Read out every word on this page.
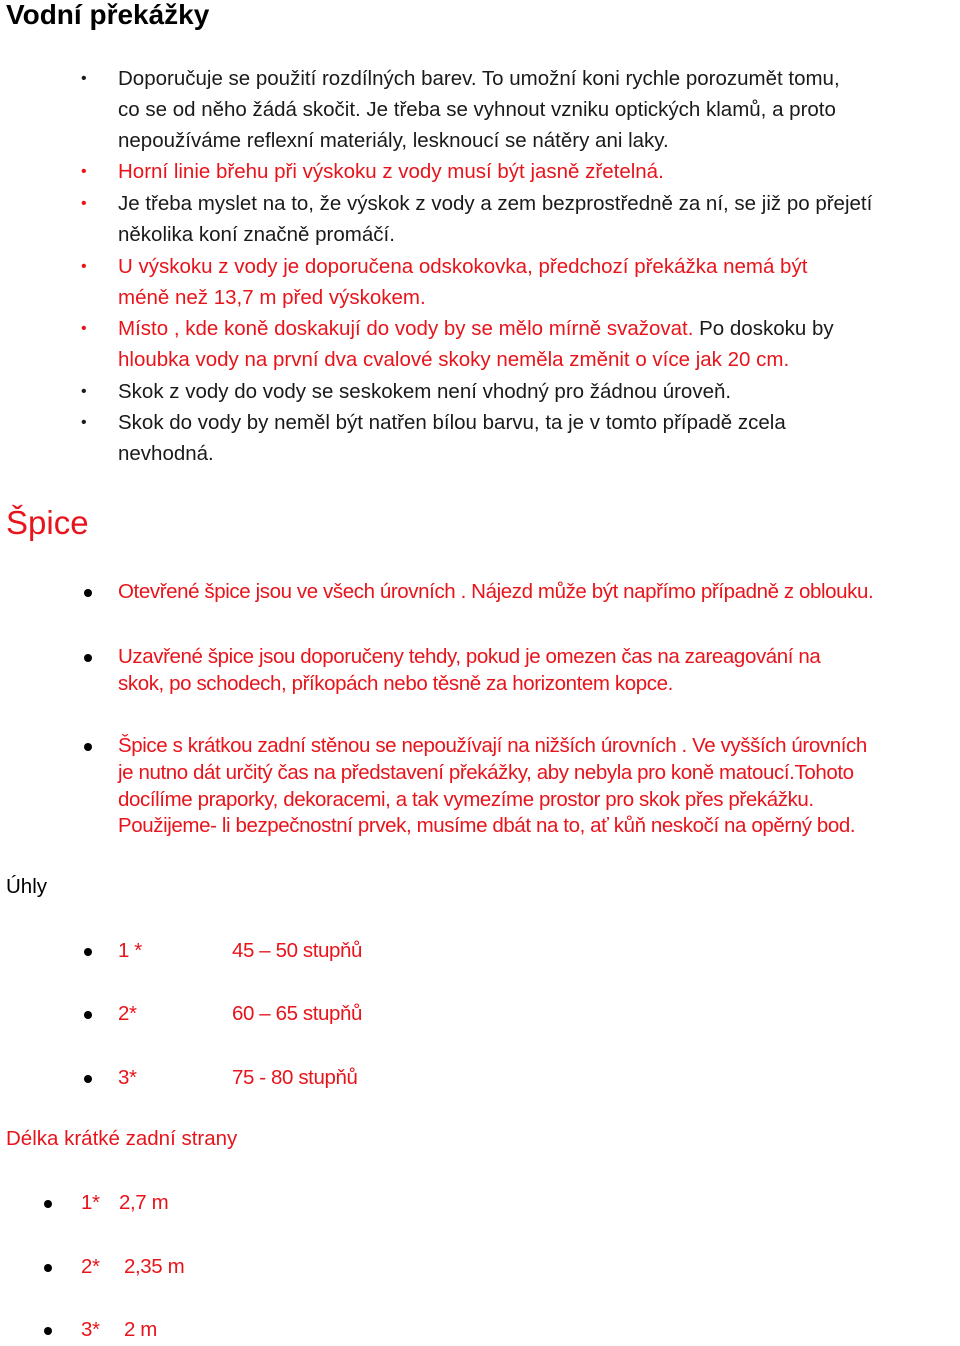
Vodní překážky
• Doporučuje se použití rozdílných barev. To umožní koni rychle porozumět tomu,
co se od něho žádá skočit. Je třeba se vyhnout vzniku optických klamů, a proto
nepoužíváme reflexní materiály, lesknoucí se nátěry ani laky.
• Horní linie břehu při výskoku z vody musí být jasně zřetelná.
• Je třeba myslet na to, že výskok z vody a zem bezprostředně za ní, se již po přejetí
několika koní značně promáčí.
• U výskoku z vody je doporučena odskokovka, předchozí překážka nemá být
méně než 13,7 m před výskokem.
• Místo , kde koně doskakují do vody by se mělo mírně svažovat. Po doskoku by
hloubka vody na první dva cvalové skoky neměla změnit o více jak 20 cm.
• Skok z vody do vody se seskokem není vhodný pro žádnou úroveň.
• Skok do vody by neměl být natřen bílou barvu, ta je v tomto případě zcela
nevhodná.
Špice
Otevřené špice jsou ve všech úrovních . Nájezd může být napřímo případně z oblouku.
Uzavřené špice jsou doporučeny tehdy, pokud je omezen čas na zareagování na
skok, po schodech, příkopách nebo těsně za horizontem kopce.
Špice s krátkou zadní stěnou se nepoužívají na nižších úrovních . Ve vyšších úrovních
je nutno dát určitý čas na představení překážky, aby nebyla pro koně matoucí.Tohoto
docílíme praporky, dekoracemi, a tak vymezíme prostor pro skok přes překážku.
Použijeme- li bezpečnostní prvek, musíme dbát na to, ať kůň neskočí na opěrný bod.
Úhly
1 *	45 – 50 stupňů
2*	60 – 65 stupňů
3*	75 - 80 stupňů
Délka krátké zadní strany
1* 2,7 m
2* 2,35 m
3* 2 m
